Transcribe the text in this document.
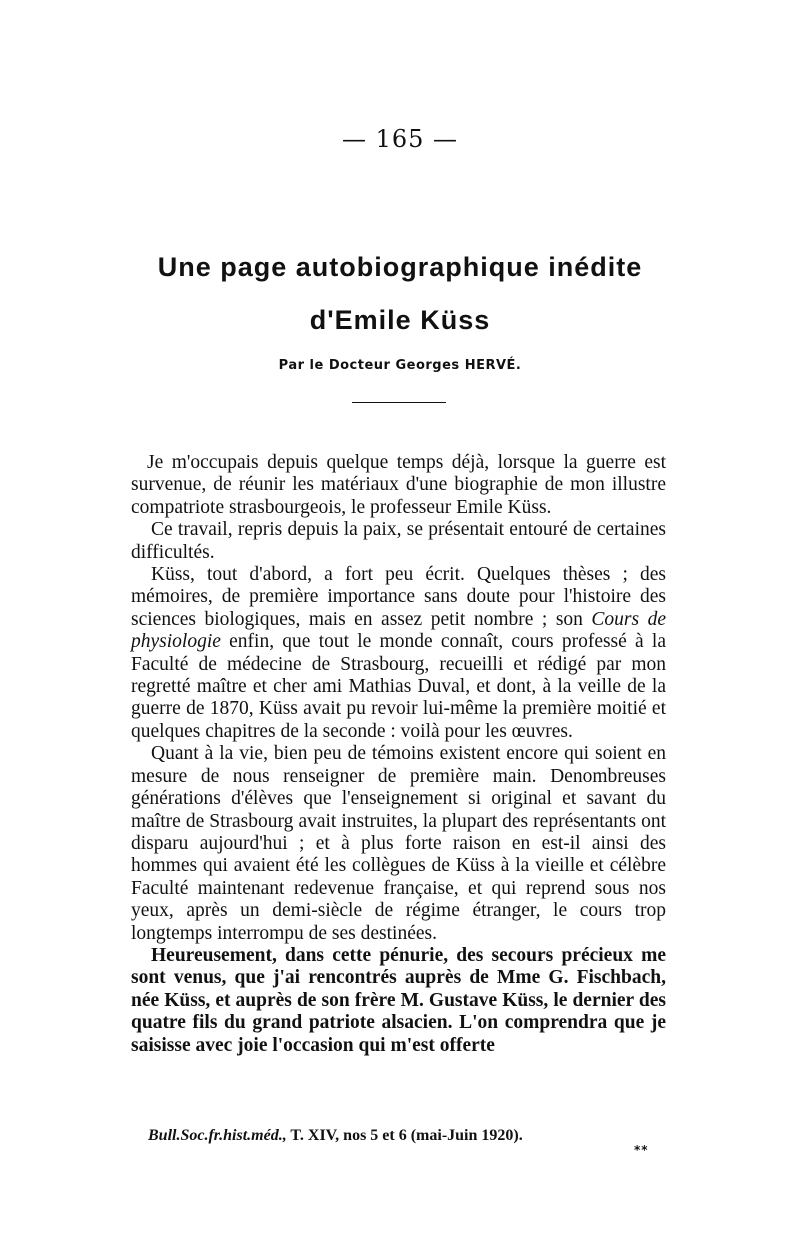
— 165 —
Une page autobiographique inédite
d'Emile Küss
Par le Docteur Georges HERVÉ.

Je m'occupais depuis quelque temps déjà, lorsque la guerre est survenue, de réunir les matériaux d'une biographie de mon illustre compatriote strasbourgeois, le professeur Emile Küss.

Ce travail, repris depuis la paix, se présentait entouré de certaines difficultés.

Küss, tout d'abord, a fort peu écrit. Quelques thèses ; des mémoires, de première importance sans doute pour l'histoire des sciences biologiques, mais en assez petit nombre ; son Cours de physiologie enfin, que tout le monde connaît, cours professé à la Faculté de médecine de Strasbourg, recueilli et rédigé par mon regretté maître et cher ami Mathias Duval, et dont, à la veille de la guerre de 1870, Küss avait pu revoir lui-même la première moitié et quelques chapitres de la seconde : voilà pour les œuvres.

Quant à la vie, bien peu de témoins existent encore qui soient en mesure de nous renseigner de première main. Denombreuses générations d'élèves que l'enseignement si original et savant du maître de Strasbourg avait instruites, la plupart des représentants ont disparu aujourd'hui ; et à plus forte raison en est-il ainsi des hommes qui avaient été les collègues de Küss à la vieille et célèbre Faculté maintenant redevenue française, et qui reprend sous nos yeux, après un demi-siècle de régime étranger, le cours trop longtemps interrompu de ses destinées.

Heureusement, dans cette pénurie, des secours précieux me sont venus, que j'ai rencontrés auprès de Mme G. Fischbach, née Küss, et auprès de son frère M. Gustave Küss, le dernier des quatre fils du grand patriote alsacien. L'on comprendra que je saisisse avec joie l'occasion qui m'est offerte

Bull.Soc.fr.hist.méd., T. XIV, nos 5 et 6 (mai-Juin 1920).
**
